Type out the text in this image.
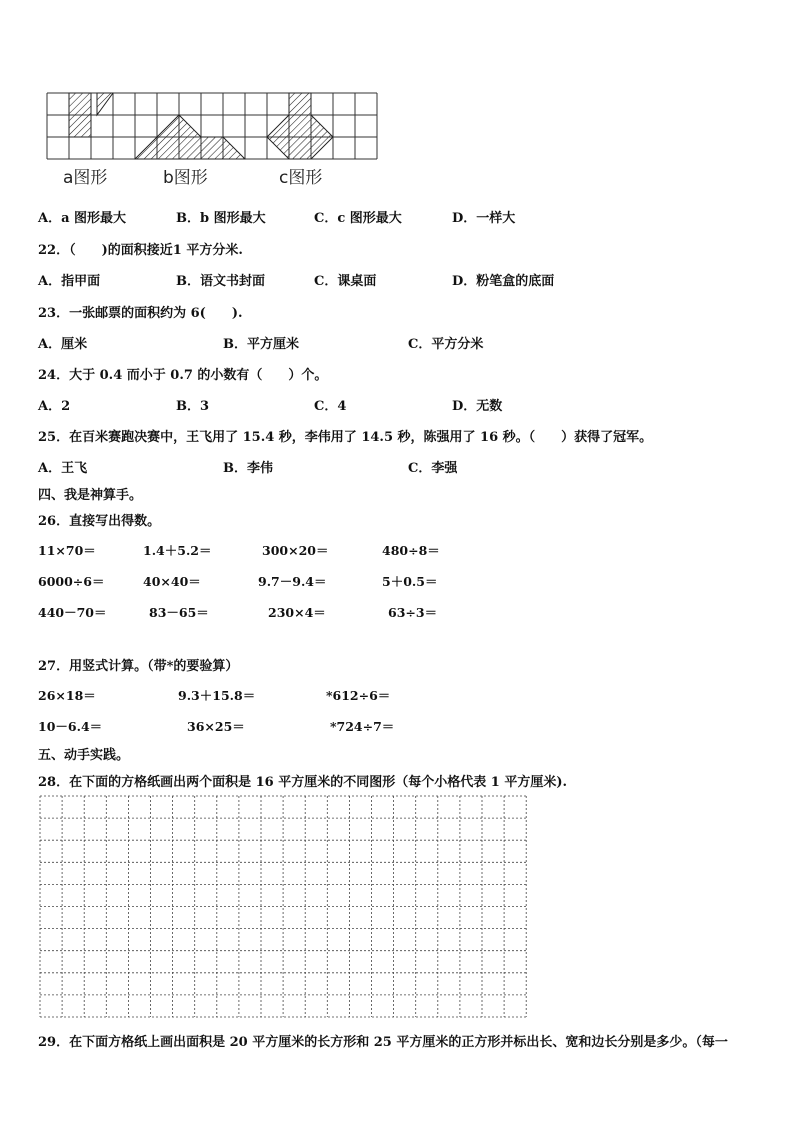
a图形	b图形	c图形
A．a 图形最大	B．b 图形最大	C．c 图形最大	D．一样大
22．（　　)的面积接近1 平方分米.
A．指甲面	B．语文书封面	C．课桌面	D．粉笔盒的底面
23．一张邮票的面积约为 6(　　).
A．厘米	B．平方厘米	C．平方分米
24．大于 0.4 而小于 0.7 的小数有（　　）个。
A．2	B．3	C．4	D．无数
25．在百米赛跑决赛中，王飞用了 15.4 秒，李伟用了 14.5 秒，陈强用了 16 秒。（　　）获得了冠军。
A．王飞	B．李伟	C．李强
四、我是神算手。
26．直接写出得数。
11×70＝	1.4＋5.2＝	300×20＝	480÷8＝
6000÷6＝	40×40＝	9.7－9.4＝	5＋0.5＝
440－70＝	83－65＝	230×4＝	63÷3＝
27．用竖式计算。（带*的要验算）
26×18＝	9.3＋15.8＝	*612÷6＝
10－6.4＝	36×25＝	*724÷7＝
五、动手实践。
28．在下面的方格纸画出两个面积是 16 平方厘米的不同图形（每个小格代表 1 平方厘米).
29．在下面方格纸上画出面积是 20 平方厘米的长方形和 25 平方厘米的正方形并标出长、宽和边长分别是多少。（每一
